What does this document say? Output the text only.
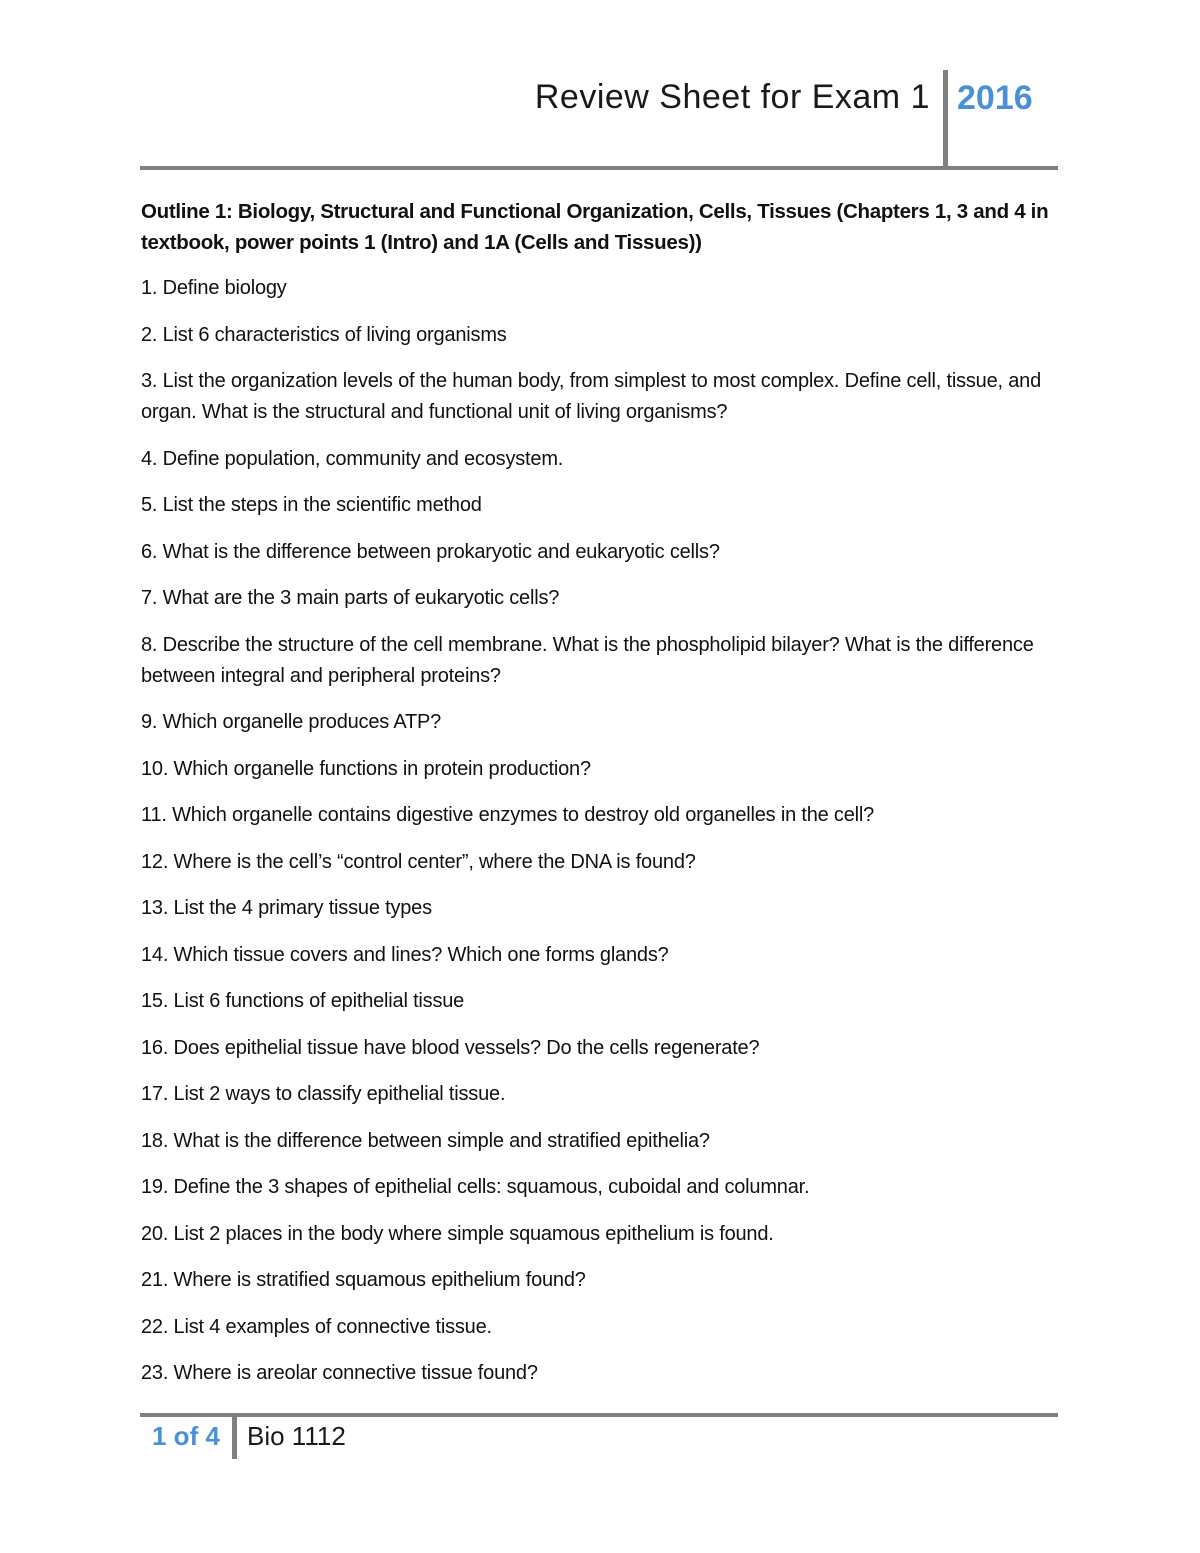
Review Sheet for Exam 1 2016

Outline 1: Biology, Structural and Functional Organization, Cells, Tissues (Chapters 1, 3 and 4 in textbook, power points 1 (Intro) and 1A (Cells and Tissues))

1. Define biology
2. List 6 characteristics of living organisms
3. List the organization levels of the human body, from simplest to most complex. Define cell, tissue, and organ. What is the structural and functional unit of living organisms?
4. Define population, community and ecosystem.
5. List the steps in the scientific method
6. What is the difference between prokaryotic and eukaryotic cells?
7. What are the 3 main parts of eukaryotic cells?
8. Describe the structure of the cell membrane. What is the phospholipid bilayer? What is the difference between integral and peripheral proteins?
9. Which organelle produces ATP?
10. Which organelle functions in protein production?
11. Which organelle contains digestive enzymes to destroy old organelles in the cell?
12. Where is the cell’s “control center”, where the DNA is found?
13. List the 4 primary tissue types
14. Which tissue covers and lines? Which one forms glands?
15. List 6 functions of epithelial tissue
16. Does epithelial tissue have blood vessels? Do the cells regenerate?
17. List 2 ways to classify epithelial tissue.
18. What is the difference between simple and stratified epithelia?
19. Define the 3 shapes of epithelial cells: squamous, cuboidal and columnar.
20. List 2 places in the body where simple squamous epithelium is found.
21. Where is stratified squamous epithelium found?
22. List 4 examples of connective tissue.
23. Where is areolar connective tissue found?
1 of 4 Bio 1112
